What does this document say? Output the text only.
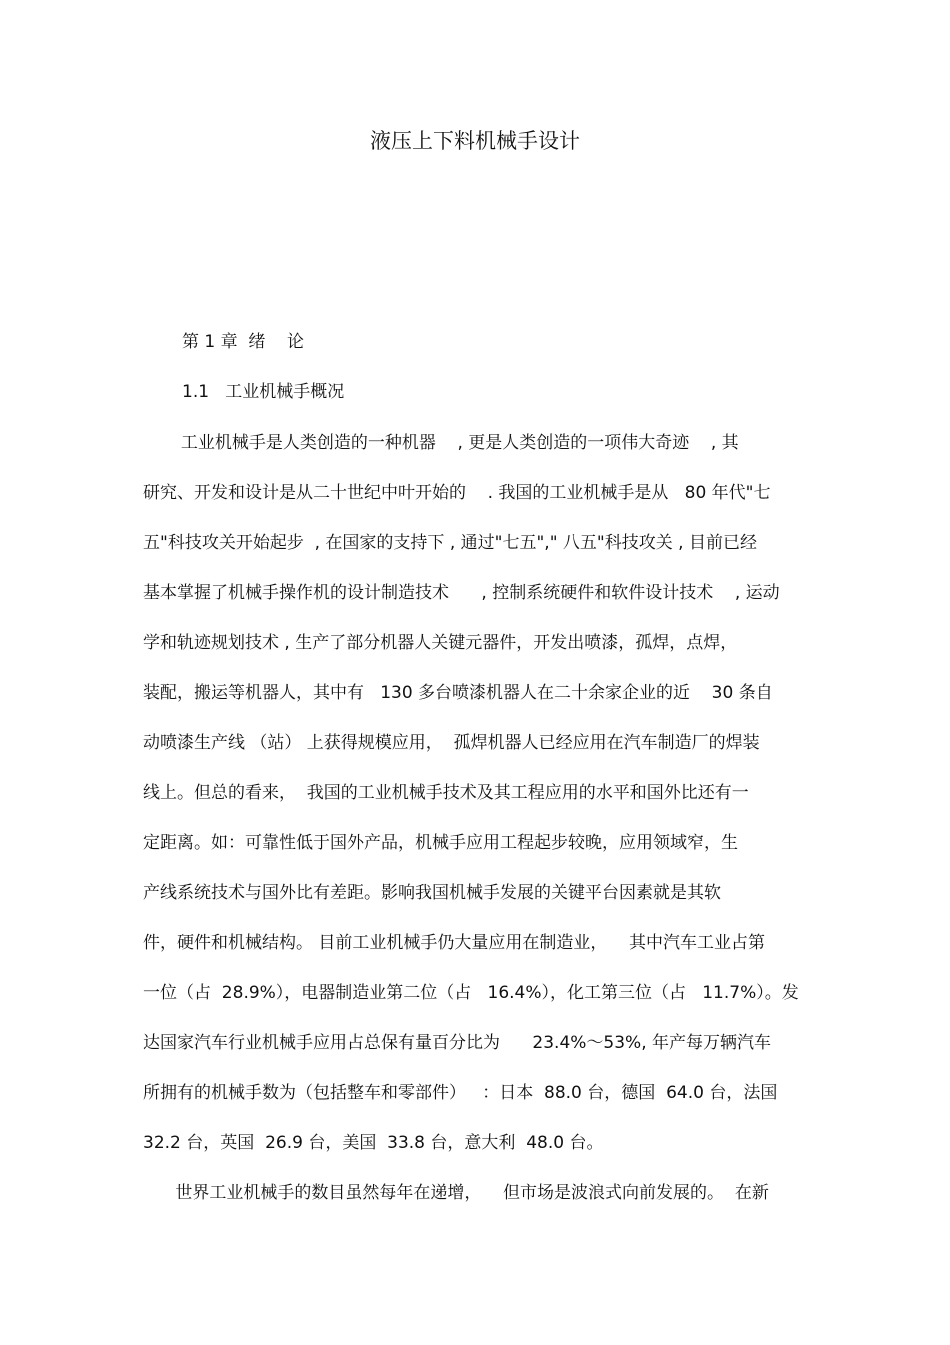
液压上下料机械手设计
第 1 章  绪    论
1.1   工业机械手概况
工业机械手是人类创造的一种机器    , 更是人类创造的一项伟大奇迹    , 其
研究、开发和设计是从二十世纪中叶开始的    . 我国的工业机械手是从   80 年代"七
五"科技攻关开始起步  , 在国家的支持下 , 通过"七五"," 八五"科技攻关 , 目前已经
基本掌握了机械手操作机的设计制造技术      , 控制系统硬件和软件设计技术    , 运动
学和轨迹规划技术 , 生产了部分机器人关键元器件，开发出喷漆，孤焊，点焊，
装配，搬运等机器人，其中有   130 多台喷漆机器人在二十余家企业的近    30 条自
动喷漆生产线 （站） 上获得规模应用，  孤焊机器人已经应用在汽车制造厂的焊装
线上。但总的看来，  我国的工业机械手技术及其工程应用的水平和国外比还有一
定距离。如：可靠性低于国外产品，机械手应用工程起步较晚，应用领域窄，生
产线系统技术与国外比有差距。影响我国机械手发展的关键平台因素就是其软
件，硬件和机械结构。 目前工业机械手仍大量应用在制造业，    其中汽车工业占第
一位（占  28.9%），电器制造业第二位（占   16.4%），化工第三位（占   11.7%）。发
达国家汽车行业机械手应用占总保有量百分比为      23.4%～53%, 年产每万辆汽车
所拥有的机械手数为（包括整车和零部件）   ：日本  88.0 台，德国  64.0 台，法国
32.2 台，英国  26.9 台，美国  33.8 台，意大利  48.0 台。
世界工业机械手的数目虽然每年在递增，    但市场是波浪式向前发展的。  在新
